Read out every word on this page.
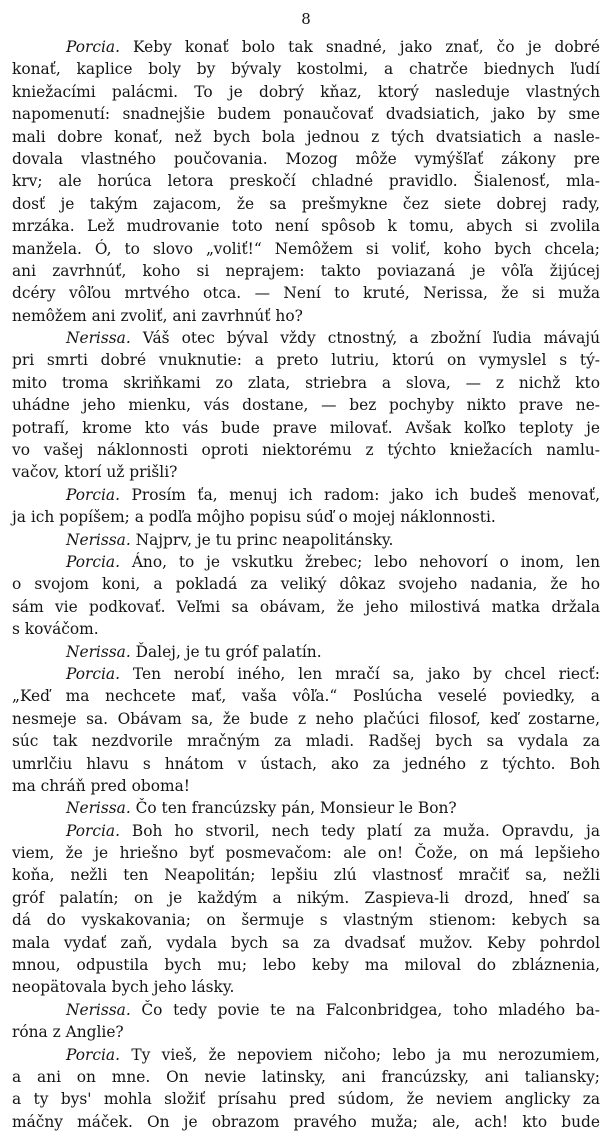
8
Porcia. Keby konať bolo tak snadné, jako znať, čo je dobré
konať, kaplice boly by bývaly kostolmi, a chatrče biednych ľudí
kniežacími palácmi. To je dobrý kňaz, ktorý nasleduje vlastných
napomenutí: snadnejšie budem ponaučovať dvadsiatich, jako by sme
mali dobre konať, než bych bola jednou z tých dvatsiatich a nasle-
dovala vlastného poučovania. Mozog môže vymýšľať zákony pre
krv; ale horúca letora preskočí chladné pravidlo. Šialenosť, mla-
dosť je takým zajacom, že sa prešmykne čez siete dobrej rady,
mrzáka. Lež mudrovanie toto není spôsob k tomu, abych si zvolila
manžela. Ó, to slovo „voliť!“ Nemôžem si voliť, koho bych chcela;
ani zavrhnúť, koho si neprajem: takto poviazaná je vôľa žijúcej
dcéry vôľou mrtvého otca. — Není to kruté, Nerissa, že si muža
nemôžem ani zvoliť, ani zavrhnúť ho?
Nerissa. Váš otec býval vždy ctnostný, a zbožní ľudia mávajú
pri smrti dobré vnuknutie: a preto lutriu, ktorú on vymyslel s tý-
mito troma skriňkami zo zlata, striebra a slova, — z nichž kto
uhádne jeho mienku, vás dostane, — bez pochyby nikto prave ne-
potrafí, krome kto vás bude prave milovať. Avšak koľko teploty je
vo vašej náklonnosti oproti niektorému z týchto kniežacích namlu-
vačov, ktorí už prišli?
Porcia. Prosím ťa, menuj ich radom: jako ich budeš menovať,
ja ich popíšem; a podľa môjho popisu súď o mojej náklonnosti.
Nerissa. Najprv, je tu princ neapolitánsky.
Porcia. Áno, to je vskutku žrebec; lebo nehovorí o inom, len
o svojom koni, a pokladá za veliký dôkaz svojeho nadania, že ho
sám vie podkovať. Veľmi sa obávam, že jeho milostivá matka držala
s kováčom.
Nerissa. Ďalej, je tu gróf palatín.
Porcia. Ten nerobí iného, len mračí sa, jako by chcel riecť:
„Keď ma nechcete mať, vaša vôľa.“ Poslúcha veselé poviedky, a
nesmeje sa. Obávam sa, že bude z neho plačúci filosof, keď zostarne,
súc tak nezdvorile mračným za mladi. Radšej bych sa vydala za
umrlčiu hlavu s hnátom v ústach, ako za jedného z týchto. Boh
ma chráň pred oboma!
Nerissa. Čo ten francúzsky pán, Monsieur le Bon?
Porcia. Boh ho stvoril, nech tedy platí za muža. Opravdu, ja
viem, že je hriešno byť posmevačom: ale on! Čože, on má lepšieho
koňa, nežli ten Neapolitán; lepšiu zlú vlastnosť mračiť sa, nežli
gróf palatín; on je každým a nikým. Zaspieva-li drozd, hneď sa
dá do vyskakovania; on šermuje s vlastným stienom: kebych sa
mala vydať zaň, vydala bych sa za dvadsať mužov. Keby pohrdol
mnou, odpustila bych mu; lebo keby ma miloval do zbláznenia,
neopätovala bych jeho lásky.
Nerissa. Čo tedy povie te na Falconbridgea, toho mladého ba-
róna z Anglie?
Porcia. Ty vieš, že nepoviem ničoho; lebo ja mu nerozumiem,
a ani on mne. On nevie latinsky, ani francúzsky, ani taliansky;
a ty bys' mohla složiť prísahu pred súdom, že neviem anglicky za
máčny máček. On je obrazom pravého muža; ale, ach! kto bude
